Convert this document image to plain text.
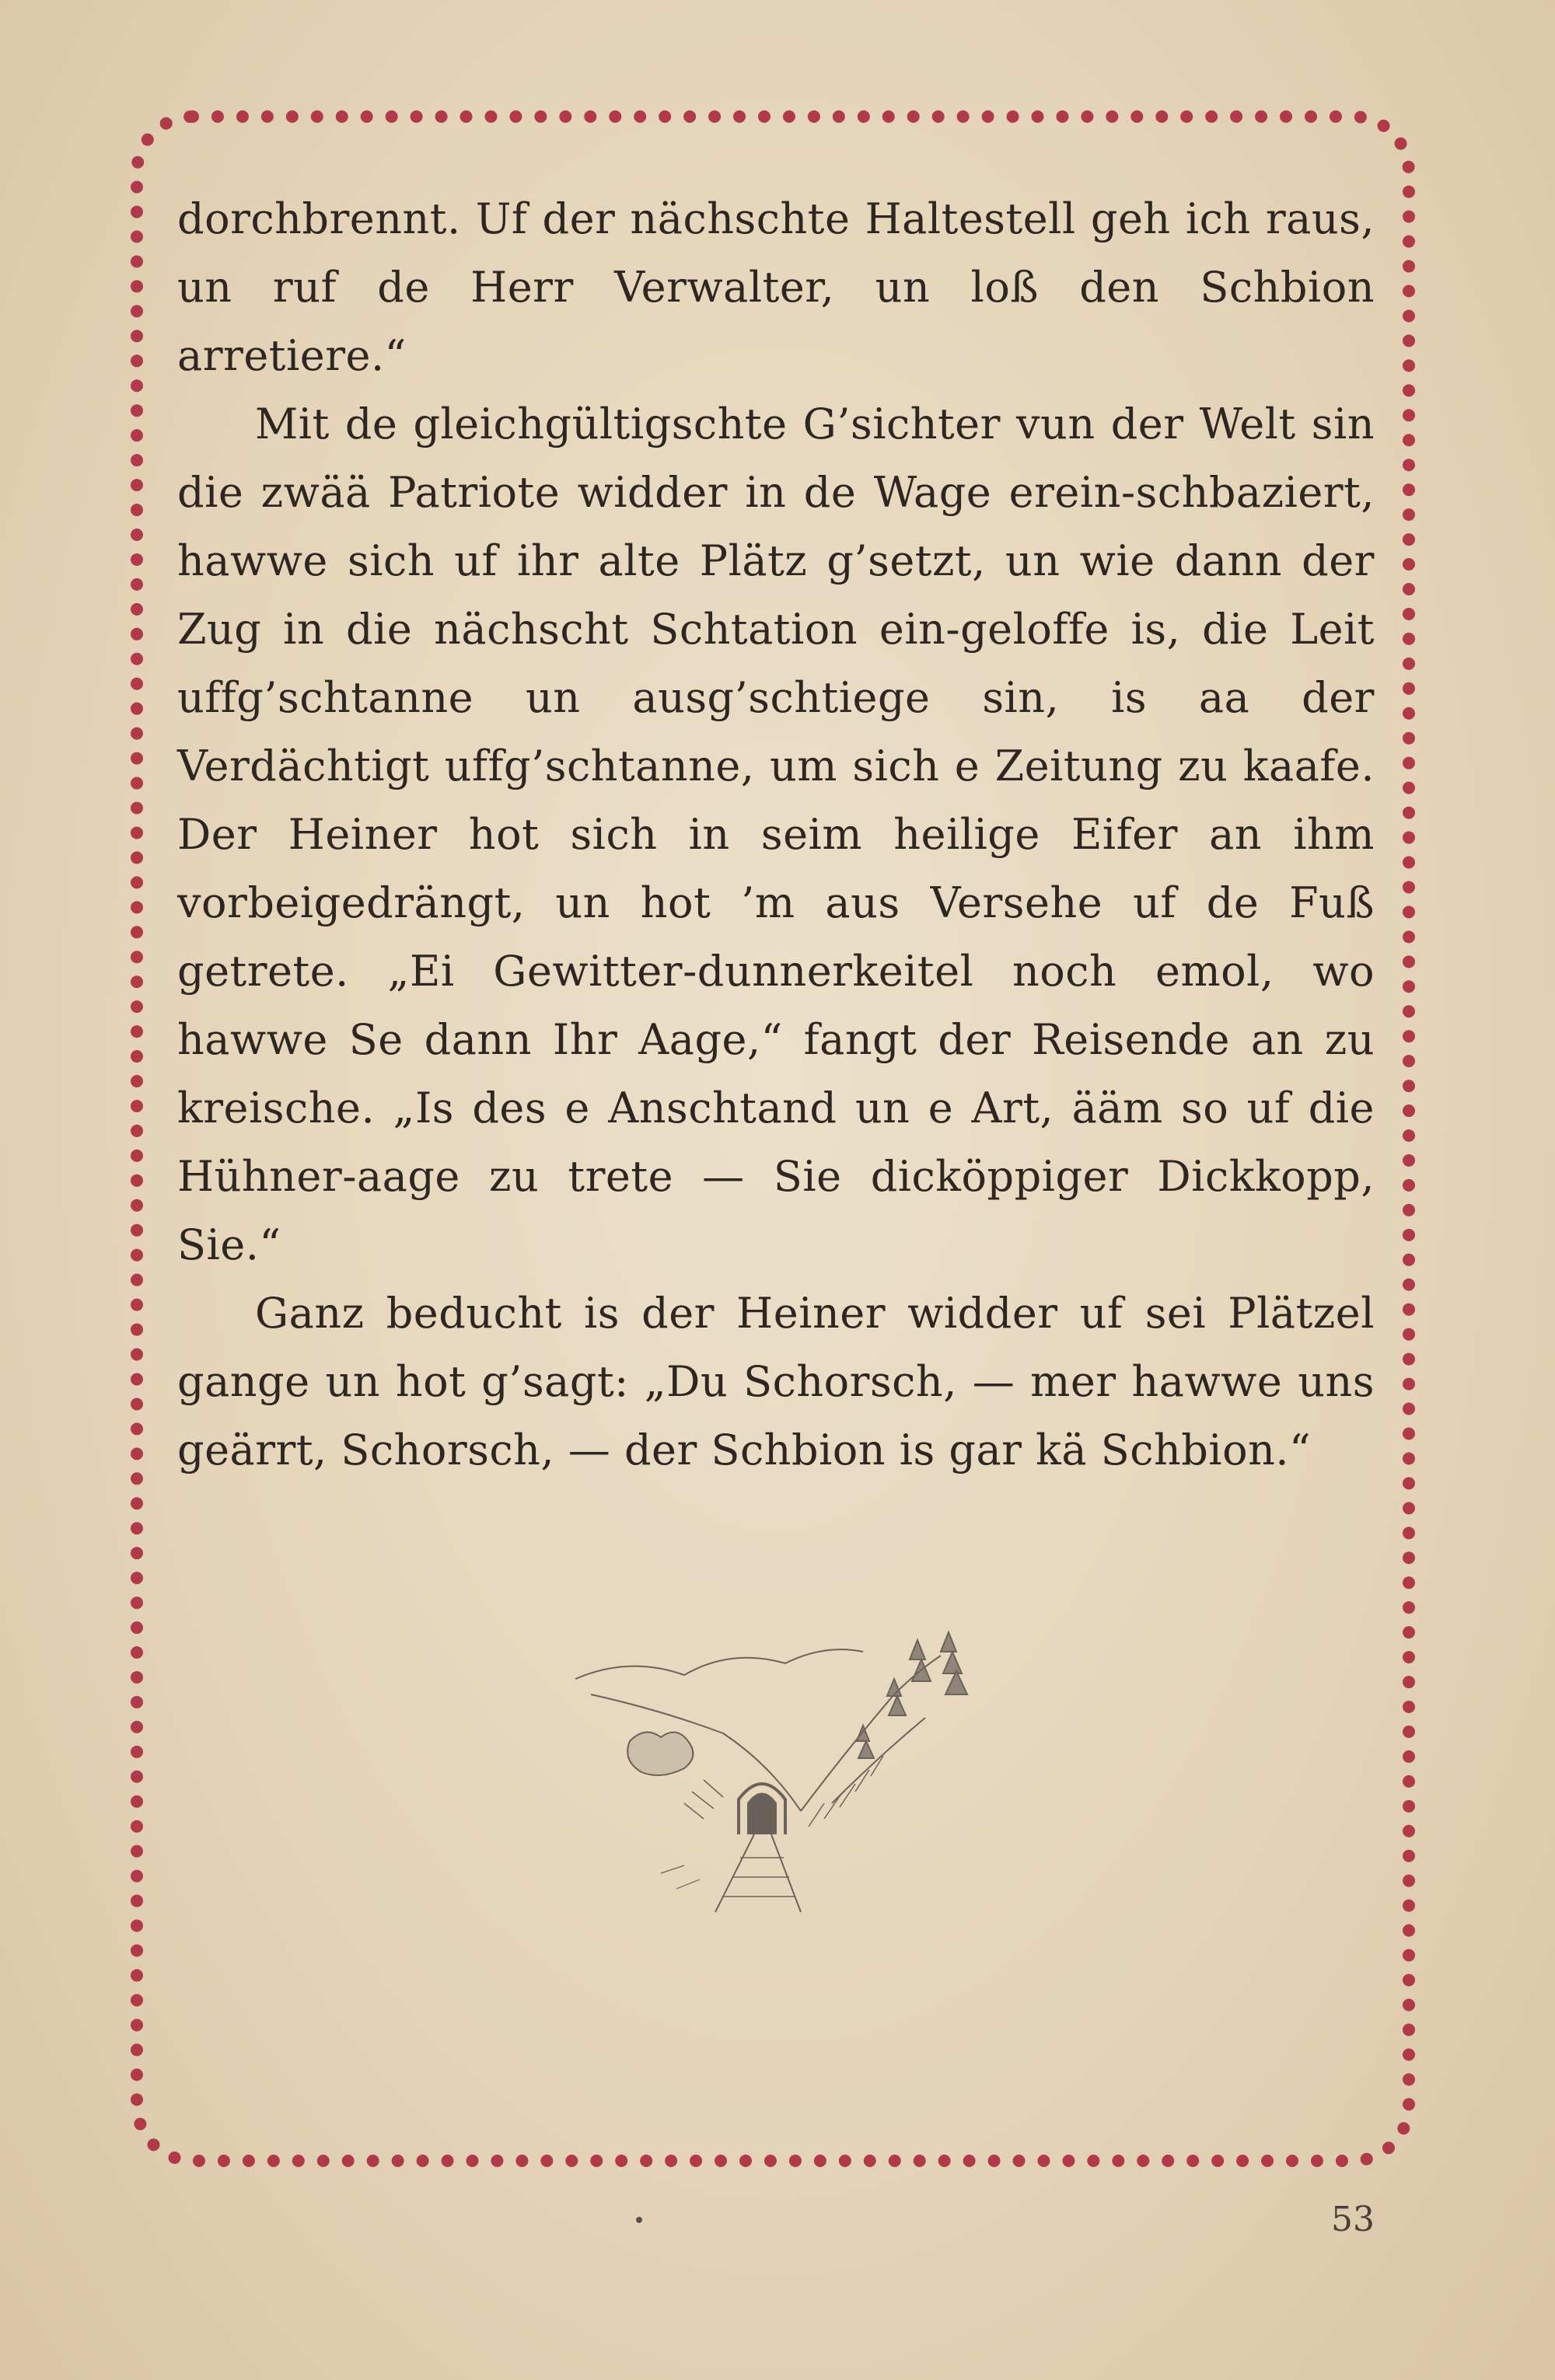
dorchbrennt. Uf der nächschte Haltestell geh ich raus, un ruf de Herr Verwalter, un loß den Schbion arretiere.“

Mit de gleichgültigschte G’sichter vun der Welt sin die zwää Patriote widder in de Wage erein-schbaziert, hawwe sich uf ihr alte Plätz g’setzt, un wie dann der Zug in die nächscht Schtation ein-geloffe is, die Leit uffg’schtanne un ausg’schtiege sin, is aa der Verdächtigt uffg’schtanne, um sich e Zeitung zu kaafe. Der Heiner hot sich in seim heilige Eifer an ihm vorbeigedrängt, un hot ’m aus Versehe uf de Fuß getrete. „Ei Gewitter-dunnerkeitel noch emol, wo hawwe Se dann Ihr Aage,“ fangt der Reisende an zu kreische. „Is des e Anschtand un e Art, ääm so uf die Hühner-aage zu trete — Sie dicköppiger Dickkopp, Sie.“

Ganz beducht is der Heiner widder uf sei Plätzel gange un hot g’sagt: „Du Schorsch, — mer hawwe uns geärrt, Schorsch, — der Schbion is gar kä Schbion.“

53
